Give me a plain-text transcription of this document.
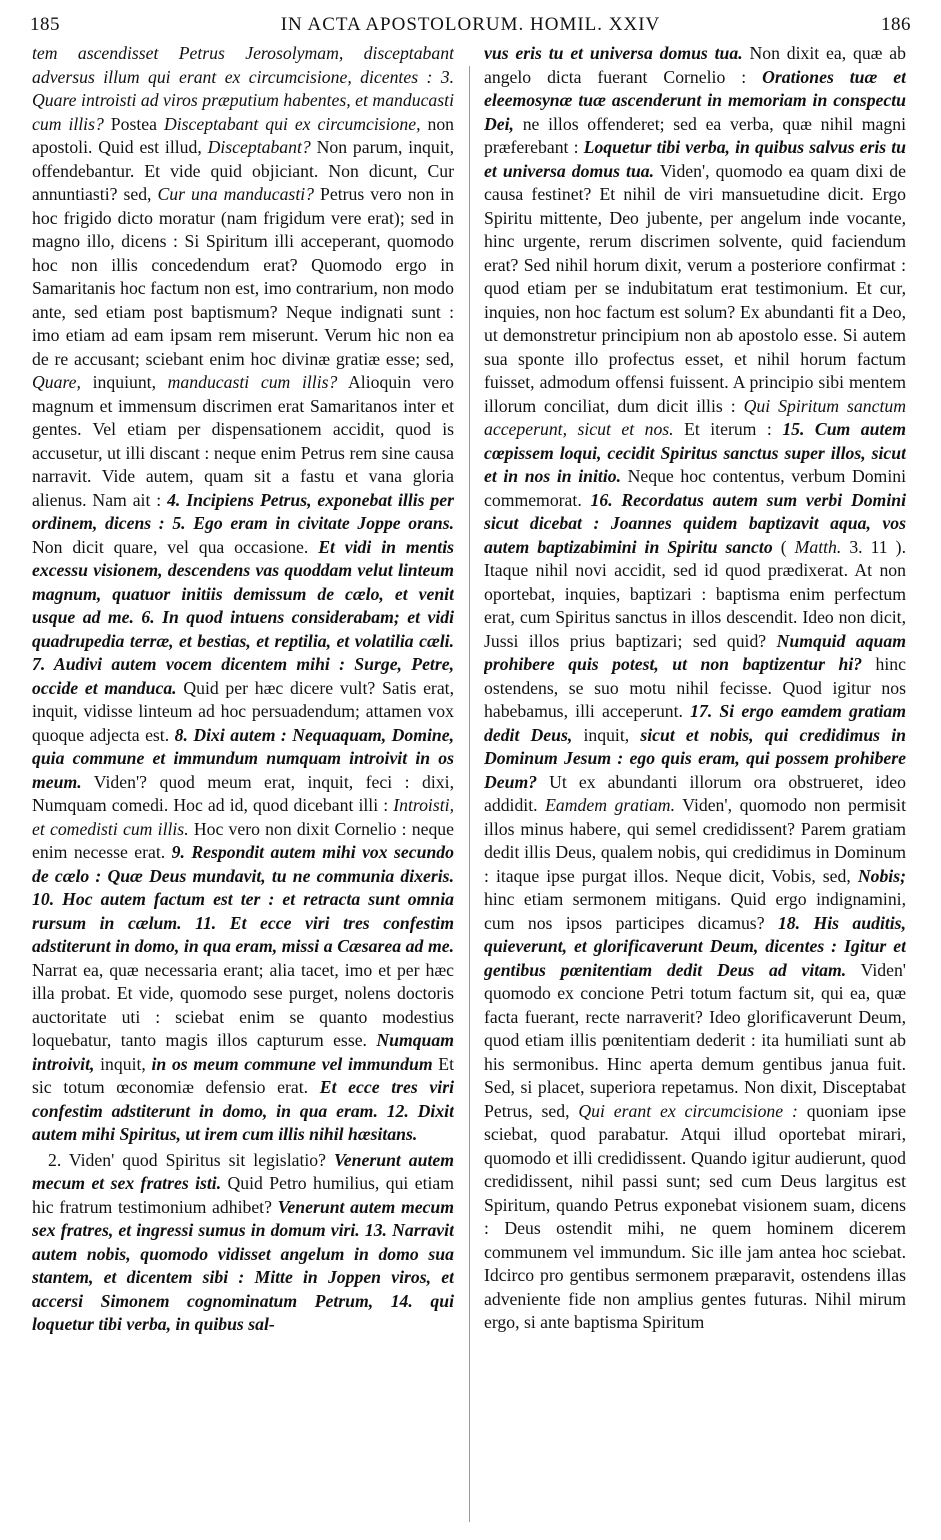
185	IN ACTA APOSTOLORUM. HOMIL. XXIV	186

tem ascendisset Petrus Jerosolymam, disceptabant adversus illum qui erant ex circumcisione, dicentes : 3. Quare introisti ad viros præputium habentes, et manducasti cum illis? Postea Disceptabant qui ex circumcisione, non apostoli. Quid est illud, Disceptabant? Non parum, inquit, offendebantur. Et vide quid objiciant. Non dicunt, Cur annuntiasti? sed, Cur una manducasti? Petrus vero non in hoc frigido dicto moratur (nam frigidum vere erat); sed in magno illo, dicens : Si Spiritum illi acceperant, quomodo hoc non illis concedendum erat? Quomodo ergo in Samaritanis hoc factum non est, imo contrarium, non modo ante, sed etiam post baptismum? Neque indignati sunt : imo etiam ad eam ipsam rem miserunt. Verum hic non ea de re accusant; sciebant enim hoc divinæ gratiæ esse; sed, Quare, inquiunt, manducasti cum illis? Alioquin vero magnum et immensum discrimen erat Samaritanos inter et gentes. Vel etiam per dispensationem accidit, quod is accusetur, ut illi discant : neque enim Petrus rem sine causa narravit. Vide autem, quam sit a fastu et vana gloria alienus. Nam ait : 4. Incipiens Petrus, exponebat illis per ordinem, dicens : 5. Ego eram in civitate Joppe orans. Non dicit quare, vel qua occasione. Et vidi in mentis excessu visionem, descendens vas quoddam velut linteum magnum, quatuor initiis demissum de cælo, et venit usque ad me. 6. In quod intuens considerabam; et vidi quadrupedia terræ, et bestias, et reptilia, et volatilia cæli. 7. Audivi autem vocem dicentem mihi : Surge, Petre, occide et manduca. Quid per hæc dicere vult? Satis erat, inquit, vidisse linteum ad hoc persuadendum; attamen vox quoque adjecta est. 8. Dixi autem : Nequaquam, Domine, quia commune et immundum numquam introivit in os meum. Viden'? quod meum erat, inquit, feci : dixi, Numquam comedi. Hoc ad id, quod dicebant illi : Introisti, et comedisti cum illis. Hoc vero non dixit Cornelio : neque enim necesse erat. 9. Respondit autem mihi vox secundo de cælo : Quæ Deus mundavit, tu ne communia dixeris. 10. Hoc autem factum est ter : et retracta sunt omnia rursum in cælum. 11. Et ecce viri tres confestim adstiterunt in domo, in qua eram, missi a Cæsarea ad me. Narrat ea, quæ necessaria erant; alia tacet, imo et per hæc illa probat. Et vide, quomodo sese purget, nolens doctoris auctoritate uti : sciebat enim se quanto modestius loquebatur, tanto magis illos capturum esse. Numquam introivit, inquit, in os meum commune vel immundum Et sic totum œconomiæ defensio erat. Et ecce tres viri confestim adstiterunt in domo, in qua eram. 12. Dixit autem mihi Spiritus, ut irem cum illis nihil hæsitans.

2. Viden' quod Spiritus sit legislatio? Venerunt autem mecum et sex fratres isti. Quid Petro humilius, qui etiam hic fratrum testimonium adhibet? Venerunt autem mecum sex fratres, et ingressi sumus in domum viri. 13. Narravit autem nobis, quomodo vidisset angelum in domo sua stantem, et dicentem sibi : Mitte in Joppen viros, et accersi Simonem cognominatum Petrum, 14. qui loquetur tibi verba, in quibus sal-

vus eris tu et universa domus tua. Non dixit ea, quæ ab angelo dicta fuerant Cornelio : Orationes tuæ et eleemosynæ tuæ ascenderunt in memoriam in conspectu Dei, ne illos offenderet; sed ea verba, quæ nihil magni præferebant : Loquetur tibi verba, in quibus salvus eris tu et universa domus tua. Viden', quomodo ea quam dixi de causa festinet? Et nihil de viri mansuetudine dicit. Ergo Spiritu mittente, Deo jubente, per angelum inde vocante, hinc urgente, rerum discrimen solvente, quid faciendum erat? Sed nihil horum dixit, verum a posteriore confirmat : quod etiam per se indubitatum erat testimonium. Et cur, inquies, non hoc factum est solum? Ex abundanti fit a Deo, ut demonstretur principium non ab apostolo esse. Si autem sua sponte illo profectus esset, et nihil horum factum fuisset, admodum offensi fuissent. A principio sibi mentem illorum conciliat, dum dicit illis : Qui Spiritum sanctum acceperunt, sicut et nos. Et iterum : 15. Cum autem cœpissem loqui, cecidit Spiritus sanctus super illos, sicut et in nos in initio. Neque hoc contentus, verbum Domini commemorat. 16. Recordatus autem sum verbi Domini sicut dicebat : Joannes quidem baptizavit aqua, vos autem baptizabimini in Spiritu sancto ( Matth. 3. 11 ). Itaque nihil novi accidit, sed id quod prædixerat. At non oportebat, inquies, baptizari : baptisma enim perfectum erat, cum Spiritus sanctus in illos descendit. Ideo non dicit, Jussi illos prius baptizari; sed quid? Numquid aquam prohibere quis potest, ut non baptizentur hi? hinc ostendens, se suo motu nihil fecisse. Quod igitur nos habebamus, illi acceperunt. 17. Si ergo eamdem gratiam dedit Deus, inquit, sicut et nobis, qui credidimus in Dominum Jesum : ego quis eram, qui possem prohibere Deum? Ut ex abundanti illorum ora obstrueret, ideo addidit. Eamdem gratiam. Viden', quomodo non permisit illos minus habere, qui semel credidissent? Parem gratiam dedit illis Deus, qualem nobis, qui credidimus in Dominum : itaque ipse purgat illos. Neque dicit, Vobis, sed, Nobis; hinc etiam sermonem mitigans. Quid ergo indignamini, cum nos ipsos participes dicamus? 18. His auditis, quieverunt, et glorificaverunt Deum, dicentes : Igitur et gentibus pœnitentiam dedit Deus ad vitam. Viden' quomodo ex concione Petri totum factum sit, qui ea, quæ facta fuerant, recte narraverit? Ideo glorificaverunt Deum, quod etiam illis pœnitentiam dederit : ita humiliati sunt ab his sermonibus. Hinc aperta demum gentibus janua fuit. Sed, si placet, superiora repetamus. Non dixit, Disceptabat Petrus, sed, Qui erant ex circumcisione : quoniam ipse sciebat, quod parabatur. Atqui illud oportebat mirari, quomodo et illi credidissent. Quando igitur audierunt, quod credidissent, nihil passi sunt; sed cum Deus largitus est Spiritum, quando Petrus exponebat visionem suam, dicens : Deus ostendit mihi, ne quem hominem dicerem communem vel immundum. Sic ille jam antea hoc sciebat. Idcirco pro gentibus sermonem præparavit, ostendens illas adveniente fide non amplius gentes futuras. Nihil mirum ergo, si ante baptisma Spiritum
